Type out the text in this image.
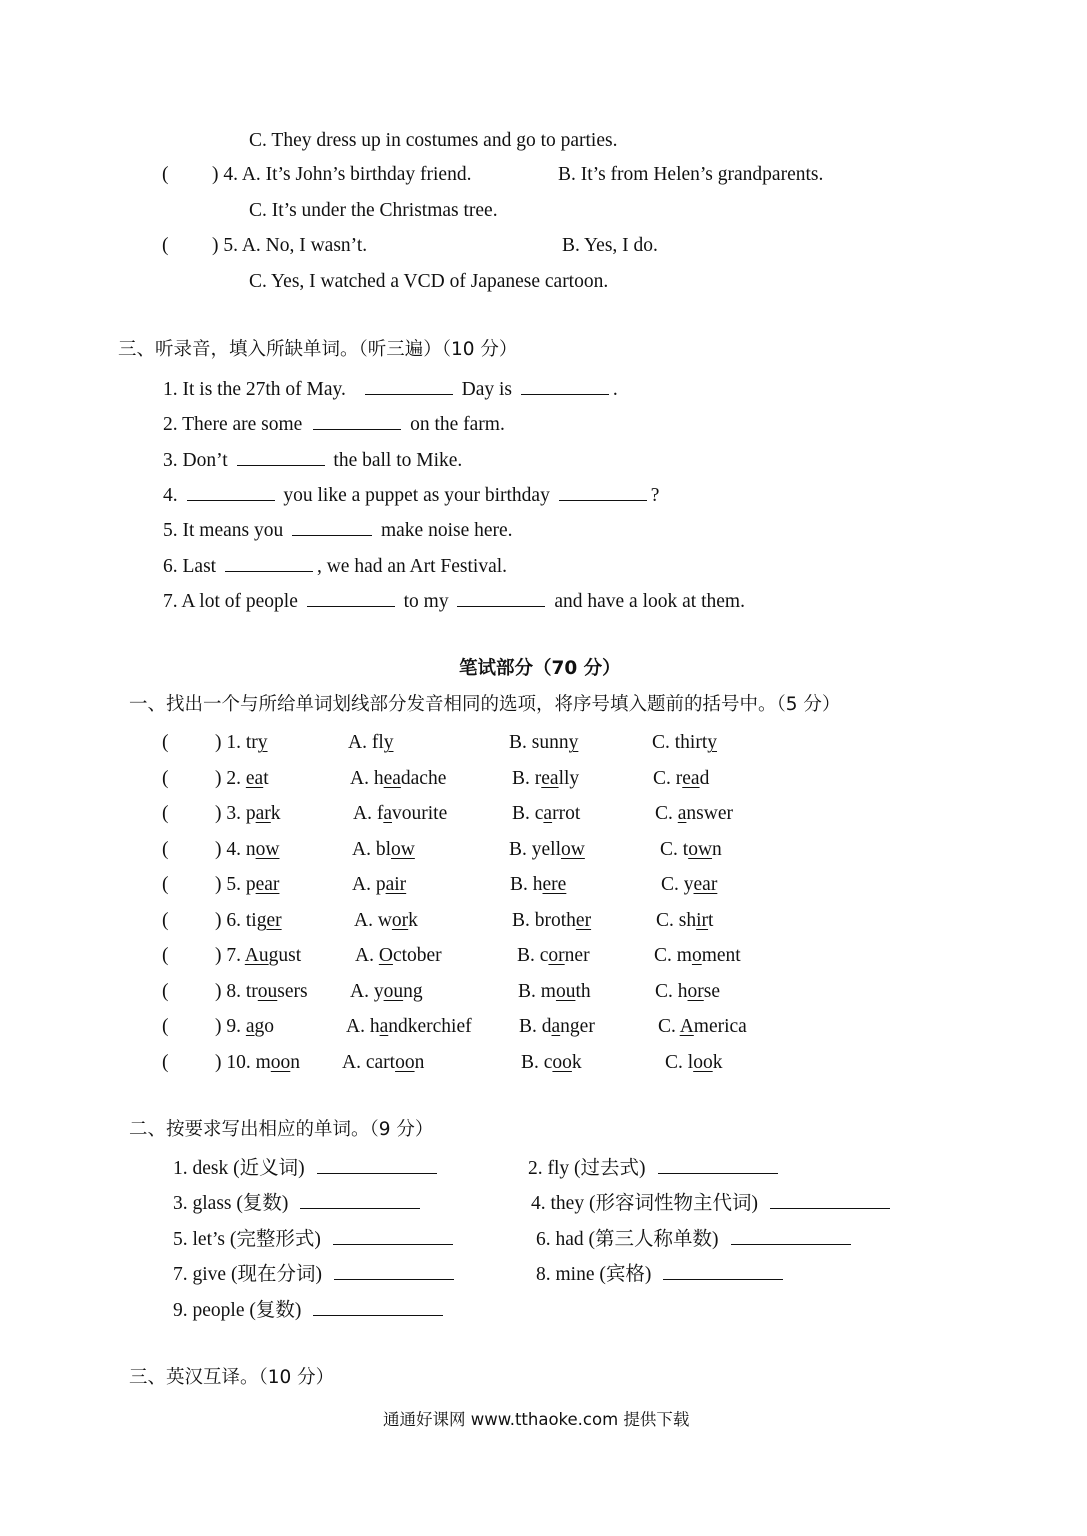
C. They dress up in costumes and go to parties.
( ) 4. A. It’s John’s birthday friend.	B. It’s from Helen’s grandparents.
C. It’s under the Christmas tree.
( ) 5. A. No, I wasn’t.	B. Yes, I do.
C. Yes, I watched a VCD of Japanese cartoon.
三、听录音，填入所缺单词。（听三遍）（10 分）
1. It is the 27th of May.	Day is	.
2. There are some	on the farm.
3. Don’t	the ball to Mike.
4.	you like a puppet as your birthday	?
5. It means you	make noise here.
6. Last	, we had an Art Festival.
7. A lot of people	to my	and have a look at them.
笔试部分（70 分）
一、找出一个与所给单词划线部分发音相同的选项，将序号填入题前的括号中。（5 分）
( ) 1. try	A. fly	B. sunny	C. thirty
( ) 2. eat	A. headache	B. really	C. read
( ) 3. park	A. favourite	B. carrot	C. answer
( ) 4. now	A. blow	B. yellow	C. town
( ) 5. pear	A. pair	B. here	C. year
( ) 6. tiger	A. work	B. brother	C. shirt
( ) 7. August	A. October	B. corner	C. moment
( ) 8. trousers A. young	B. mouth	C. horse
( ) 9. ago	A. handkerchief B. danger	C. America
( ) 10. moon A. cartoon	B. cook	C. look
二、按要求写出相应的单词。（9 分）
1. desk (近义词)	2. fly (过去式)
3. glass (复数)	4. they (形容词性物主代词)
5. let’s (完整形式)	6. had (第三人称单数)
7. give (现在分词)	8. mine (宾格)
9. people (复数)
三、英汉互译。（10 分）
通通好课网 www.tthaoke.com 提供下载
